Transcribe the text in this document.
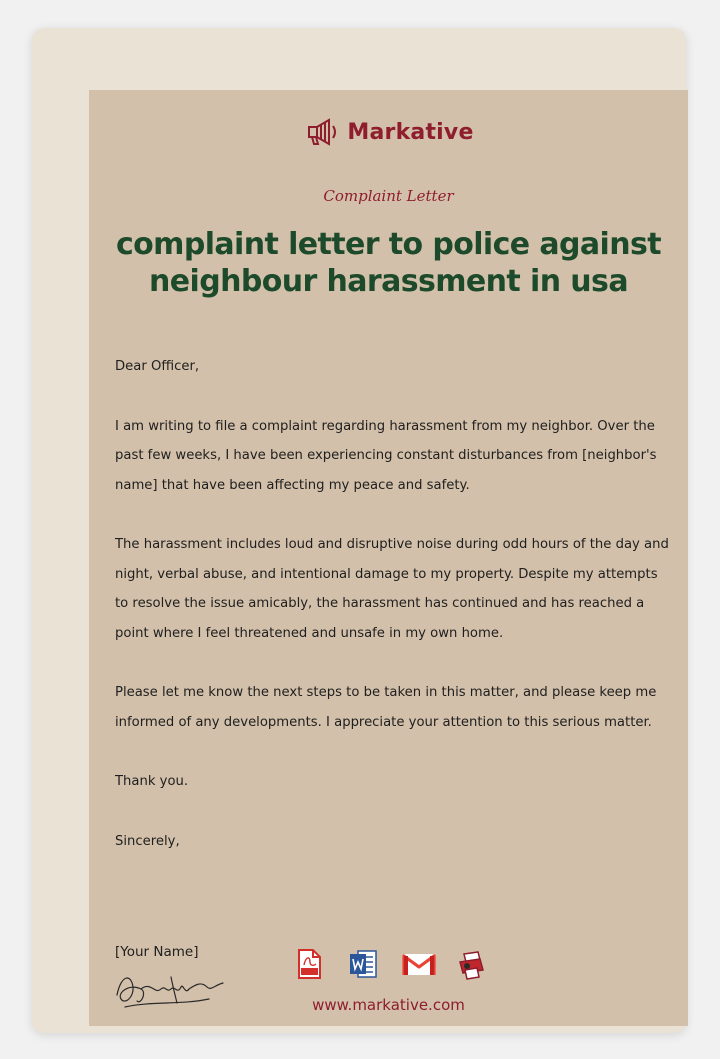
Markative
Complaint Letter
complaint letter to police against
neighbour harassment in usa

Dear Officer,

I am writing to file a complaint regarding harassment from my neighbor. Over the past few weeks, I have been experiencing constant disturbances from [neighbor's name] that have been affecting my peace and safety.

The harassment includes loud and disruptive noise during odd hours of the day and night, verbal abuse, and intentional damage to my property. Despite my attempts to resolve the issue amicably, the harassment has continued and has reached a point where I feel threatened and unsafe in my own home.

Please let me know the next steps to be taken in this matter, and please keep me informed of any developments. I appreciate your attention to this serious matter.

Thank you.

Sincerely,

[Your Name]
www.markative.com
